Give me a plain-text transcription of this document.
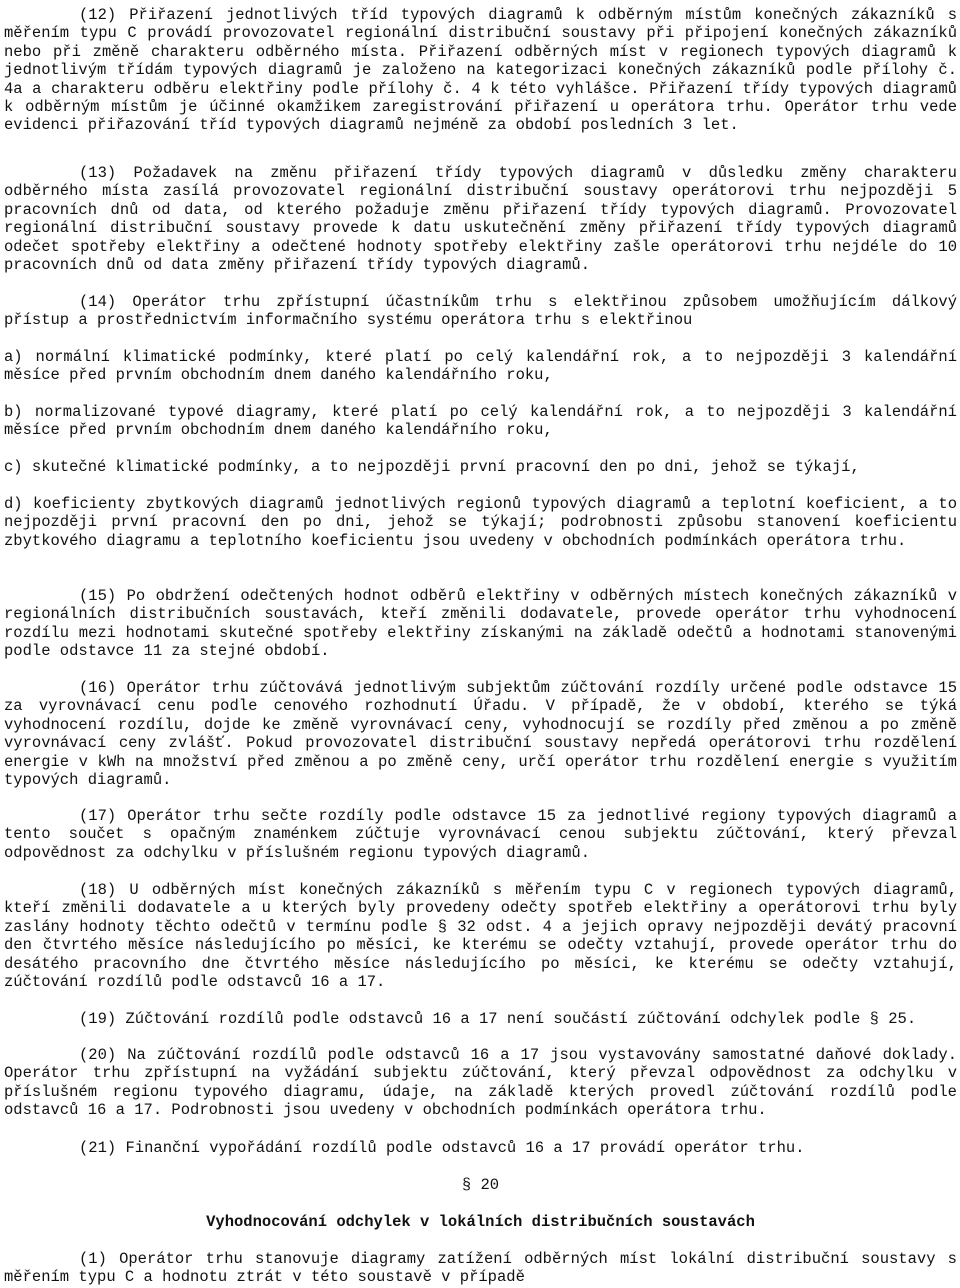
(12) Přiřazení jednotlivých tříd typových diagramů k odběrným místům konečných zákazníků s měřením typu C provádí provozovatel regionální distribuční soustavy při připojení konečných zákazníků nebo při změně charakteru odběrného místa. Přiřazení odběrných míst v regionech typových diagramů k jednotlivým třídám typových diagramů je založeno na kategorizaci konečných zákazníků podle přílohy č. 4a a charakteru odběru elektřiny podle přílohy č. 4 k této vyhlášce. Přiřazení třídy typových diagramů k odběrným místům je účinné okamžikem zaregistrování přiřazení u operátora trhu. Operátor trhu vede evidenci přiřazování tříd typových diagramů nejméně za období posledních 3 let.

(13) Požadavek na změnu přiřazení třídy typových diagramů v důsledku změny charakteru odběrného místa zasílá provozovatel regionální distribuční soustavy operátorovi trhu nejpozději 5 pracovních dnů od data, od kterého požaduje změnu přiřazení třídy typových diagramů. Provozovatel regionální distribuční soustavy provede k datu uskutečnění změny přiřazení třídy typových diagramů odečet spotřeby elektřiny a odečtené hodnoty spotřeby elektřiny zašle operátorovi trhu nejdéle do 10 pracovních dnů od data změny přiřazení třídy typových diagramů.

(14) Operátor trhu zpřístupní účastníkům trhu s elektřinou způsobem umožňujícím dálkový přístup a prostřednictvím informačního systému operátora trhu s elektřinou

a) normální klimatické podmínky, které platí po celý kalendářní rok, a to nejpozději 3 kalendářní měsíce před prvním obchodním dnem daného kalendářního roku,

b) normalizované typové diagramy, které platí po celý kalendářní rok, a to nejpozději 3 kalendářní měsíce před prvním obchodním dnem daného kalendářního roku,

c) skutečné klimatické podmínky, a to nejpozději první pracovní den po dni, jehož se týkají,

d) koeficienty zbytkových diagramů jednotlivých regionů typových diagramů a teplotní koeficient, a to nejpozději první pracovní den po dni, jehož se týkají; podrobnosti způsobu stanovení koeficientu zbytkového diagramu a teplotního koeficientu jsou uvedeny v obchodních podmínkách operátora trhu.

(15) Po obdržení odečtených hodnot odběrů elektřiny v odběrných místech konečných zákazníků v regionálních distribučních soustavách, kteří změnili dodavatele, provede operátor trhu vyhodnocení rozdílu mezi hodnotami skutečné spotřeby elektřiny získanými na základě odečtů a hodnotami stanovenými podle odstavce 11 za stejné období.

(16) Operátor trhu zúčtovává jednotlivým subjektům zúčtování rozdíly určené podle odstavce 15 za vyrovnávací cenu podle cenového rozhodnutí Úřadu. V případě, že v období, kterého se týká vyhodnocení rozdílu, dojde ke změně vyrovnávací ceny, vyhodnocují se rozdíly před změnou a po změně vyrovnávací ceny zvlášť. Pokud provozovatel distribuční soustavy nepředá operátorovi trhu rozdělení energie v kWh na množství před změnou a po změně ceny, určí operátor trhu rozdělení energie s využitím typových diagramů.

(17) Operátor trhu sečte rozdíly podle odstavce 15 za jednotlivé regiony typových diagramů a tento součet s opačným znaménkem zúčtuje vyrovnávací cenou subjektu zúčtování, který převzal odpovědnost za odchylku v příslušném regionu typových diagramů.

(18) U odběrných míst konečných zákazníků s měřením typu C v regionech typových diagramů, kteří změnili dodavatele a u kterých byly provedeny odečty spotřeb elektřiny a operátorovi trhu byly zaslány hodnoty těchto odečtů v termínu podle § 32 odst. 4 a jejich opravy nejpozději devátý pracovní den čtvrtého měsíce následujícího po měsíci, ke kterému se odečty vztahují, provede operátor trhu do desátého pracovního dne čtvrtého měsíce následujícího po měsíci, ke kterému se odečty vztahují, zúčtování rozdílů podle odstavců 16 a 17.

(19) Zúčtování rozdílů podle odstavců 16 a 17 není součástí zúčtování odchylek podle § 25.

(20) Na zúčtování rozdílů podle odstavců 16 a 17 jsou vystavovány samostatné daňové doklady. Operátor trhu zpřístupní na vyžádání subjektu zúčtování, který převzal odpovědnost za odchylku v příslušném regionu typového diagramu, údaje, na základě kterých provedl zúčtování rozdílů podle odstavců 16 a 17. Podrobnosti jsou uvedeny v obchodních podmínkách operátora trhu.

(21) Finanční vypořádání rozdílů podle odstavců 16 a 17 provádí operátor trhu.

§ 20

Vyhodnocování odchylek v lokálních distribučních soustavách

(1) Operátor trhu stanovuje diagramy zatížení odběrných míst lokální distribuční soustavy s měřením typu C a hodnotu ztrát v této soustavě v případě
